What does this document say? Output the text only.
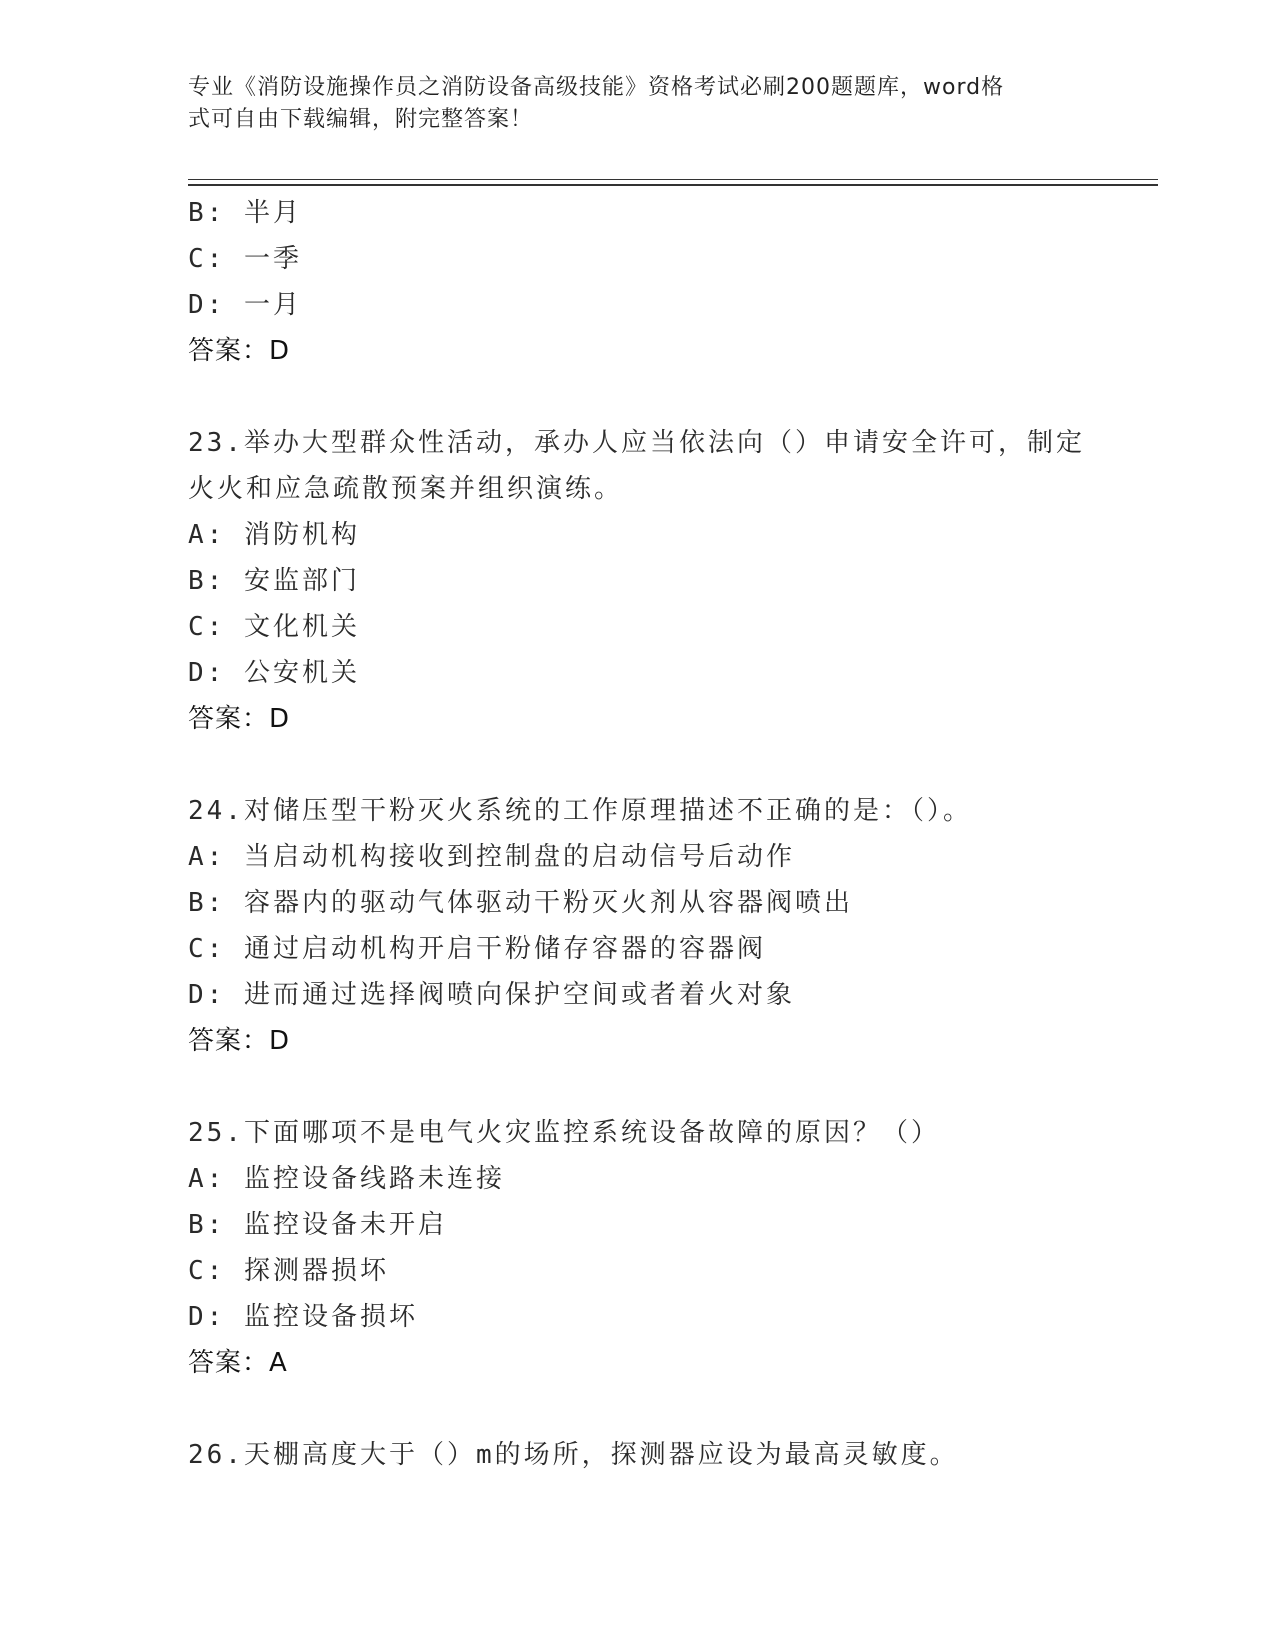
专业《消防设施操作员之消防设备高级技能》资格考试必刷200题题库，word格
式可自由下载编辑，附完整答案！
B: 半月
C: 一季
D: 一月
答案：D
23.举办大型群众性活动，承办人应当依法向（）申请安全许可，制定
火火和应急疏散预案并组织演练。
A: 消防机构
B: 安监部门
C: 文化机关
D: 公安机关
答案：D
24.对储压型干粉灭火系统的工作原理描述不正确的是：（）。
A: 当启动机构接收到控制盘的启动信号后动作
B: 容器内的驱动气体驱动干粉灭火剂从容器阀喷出
C: 通过启动机构开启干粉储存容器的容器阀
D: 进而通过选择阀喷向保护空间或者着火对象
答案：D
25.下面哪项不是电气火灾监控系统设备故障的原因？（）
A: 监控设备线路未连接
B: 监控设备未开启
C: 探测器损坏
D: 监控设备损坏
答案：A
26.天棚高度大于（）m的场所，探测器应设为最高灵敏度。
